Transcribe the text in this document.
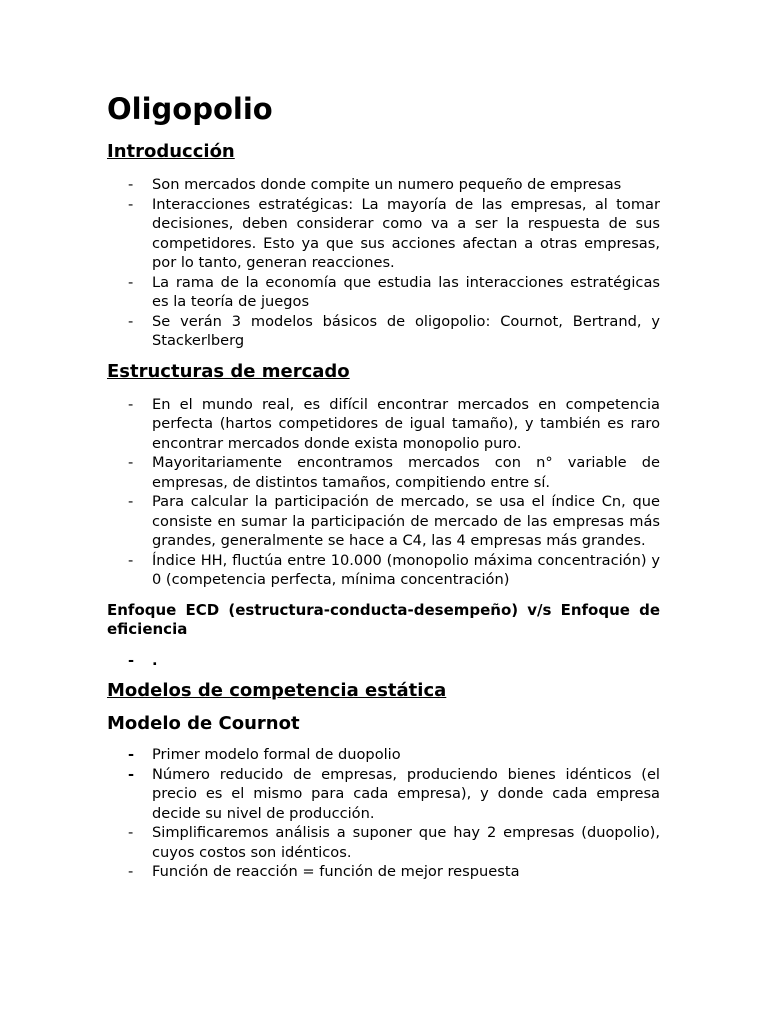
Oligopolio
Introducción
- Son mercados donde compite un numero pequeño de empresas
- Interacciones estratégicas: La mayoría de las empresas, al tomar decisiones, deben considerar como va a ser la respuesta de sus competidores. Esto ya que sus acciones afectan a otras empresas, por lo tanto, generan reacciones.
- La rama de la economía que estudia las interacciones estratégicas es la teoría de juegos
- Se verán 3 modelos básicos de oligopolio: Cournot, Bertrand, y Stackerlberg
Estructuras de mercado
- En el mundo real, es difícil encontrar mercados en competencia perfecta (hartos competidores de igual tamaño), y también es raro encontrar mercados donde exista monopolio puro.
- Mayoritariamente encontramos mercados con n° variable de empresas, de distintos tamaños, compitiendo entre sí.
- Para calcular la participación de mercado, se usa el índice Cn, que consiste en sumar la participación de mercado de las empresas más grandes, generalmente se hace a C4, las 4 empresas más grandes.
- Índice HH, fluctúa entre 10.000 (monopolio máxima concentración) y 0 (competencia perfecta, mínima concentración)
Enfoque ECD (estructura-conducta-desempeño) v/s Enfoque de eficiencia
- .
Modelos de competencia estática
Modelo de Cournot
- Primer modelo formal de duopolio
- Número reducido de empresas, produciendo bienes idénticos (el precio es el mismo para cada empresa), y donde cada empresa decide su nivel de producción.
- Simplificaremos análisis a suponer que hay 2 empresas (duopolio), cuyos costos son idénticos.
- Función de reacción = función de mejor respuesta
